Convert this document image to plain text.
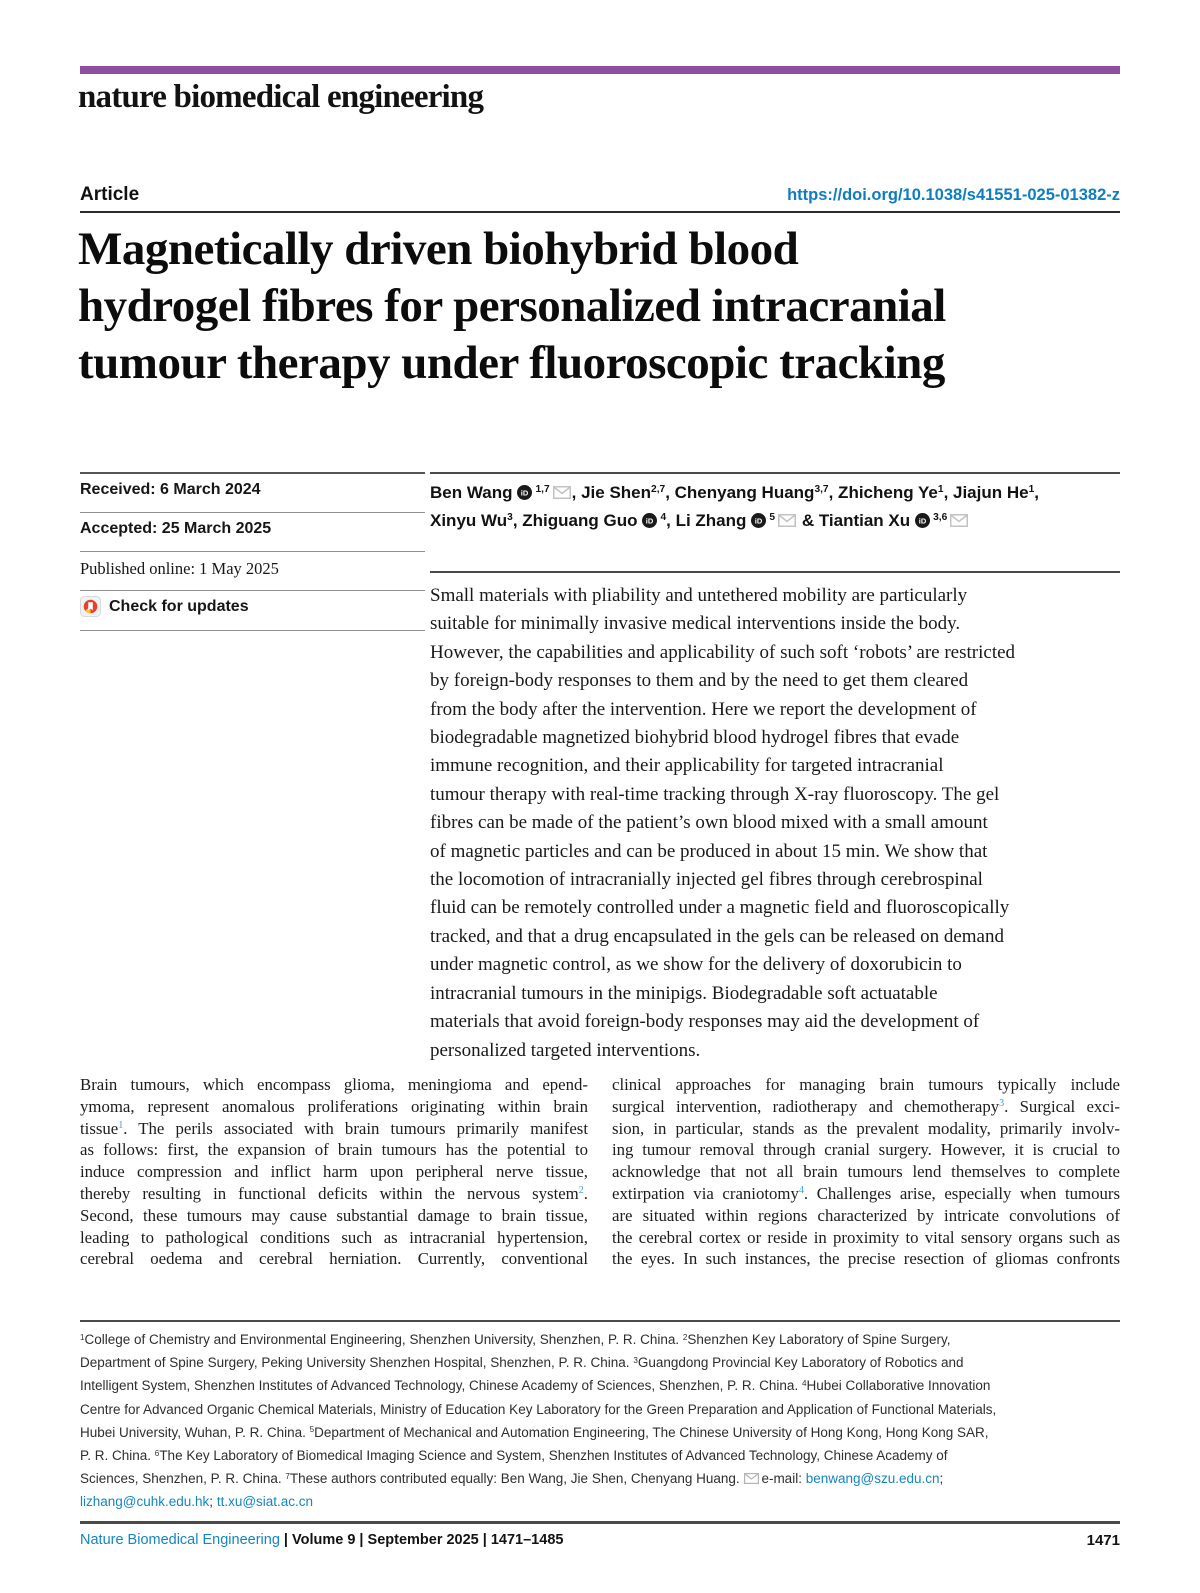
nature biomedical engineering
Article	https://doi.org/10.1038/s41551-025-01382-z
Magnetically driven biohybrid blood
hydrogel fibres for personalized intracranial
tumour therapy under fluoroscopic tracking
Received: 6 March 2024
Accepted: 25 March 2025
Published online: 1 May 2025
Check for updates
Ben Wang iD $^{1,7}$ , Jie Shen$^{2,7}$, Chenyang Huang$^{3,7}$, Zhicheng Ye$^1$, Jiajun He$^1$,
Xinyu Wu$^3$, Zhiguang Guo iD $^4$, Li Zhang iD $^5$ & Tiantian Xu iD $^{3,6}$
Small materials with pliability and untethered mobility are particularly
suitable for minimally invasive medical interventions inside the body.
However, the capabilities and applicability of such soft ‘robots’ are restricted
by foreign-body responses to them and by the need to get them cleared
from the body after the intervention. Here we report the development of
biodegradable magnetized biohybrid blood hydrogel fibres that evade
immune recognition, and their applicability for targeted intracranial
tumour therapy with real-time tracking through X-ray fluoroscopy. The gel
fibres can be made of the patient’s own blood mixed with a small amount
of magnetic particles and can be produced in about 15 min. We show that
the locomotion of intracranially injected gel fibres through cerebrospinal
fluid can be remotely controlled under a magnetic field and fluoroscopically
tracked, and that a drug encapsulated in the gels can be released on demand
under magnetic control, as we show for the delivery of doxorubicin to
intracranial tumours in the minipigs. Biodegradable soft actuatable
materials that avoid foreign-body responses may aid the development of
personalized targeted interventions.
Brain tumours, which encompass glioma, meningioma and epend-
ymoma, represent anomalous proliferations originating within brain
tissue$^1$. The perils associated with brain tumours primarily manifest
as follows: first, the expansion of brain tumours has the potential to
induce compression and inflict harm upon peripheral nerve tissue,
thereby resulting in functional deficits within the nervous system$^2$.
Second, these tumours may cause substantial damage to brain tissue,
leading to pathological conditions such as intracranial hypertension,
cerebral oedema and cerebral herniation. Currently, conventional
clinical approaches for managing brain tumours typically include
surgical intervention, radiotherapy and chemotherapy$^3$. Surgical exci-
sion, in particular, stands as the prevalent modality, primarily involv-
ing tumour removal through cranial surgery. However, it is crucial to
acknowledge that not all brain tumours lend themselves to complete
extirpation via craniotomy$^4$. Challenges arise, especially when tumours
are situated within regions characterized by intricate convolutions of
the cerebral cortex or reside in proximity to vital sensory organs such as
the eyes. In such instances, the precise resection of gliomas confronts
$^1$College of Chemistry and Environmental Engineering, Shenzhen University, Shenzhen, P. R. China. $^2$Shenzhen Key Laboratory of Spine Surgery,
Department of Spine Surgery, Peking University Shenzhen Hospital, Shenzhen, P. R. China. $^3$Guangdong Provincial Key Laboratory of Robotics and
Intelligent System, Shenzhen Institutes of Advanced Technology, Chinese Academy of Sciences, Shenzhen, P. R. China. $^4$Hubei Collaborative Innovation
Centre for Advanced Organic Chemical Materials, Ministry of Education Key Laboratory for the Green Preparation and Application of Functional Materials,
Hubei University, Wuhan, P. R. China. $^5$Department of Mechanical and Automation Engineering, The Chinese University of Hong Kong, Hong Kong SAR,
P. R. China. $^6$The Key Laboratory of Biomedical Imaging Science and System, Shenzhen Institutes of Advanced Technology, Chinese Academy of
Sciences, Shenzhen, P. R. China. $^7$These authors contributed equally: Ben Wang, Jie Shen, Chenyang Huang. e-mail: benwang@szu.edu.cn;
lizhang@cuhk.edu.hk; tt.xu@siat.ac.cn
Nature Biomedical Engineering | Volume 9 | September 2025 | 1471–1485	1471
